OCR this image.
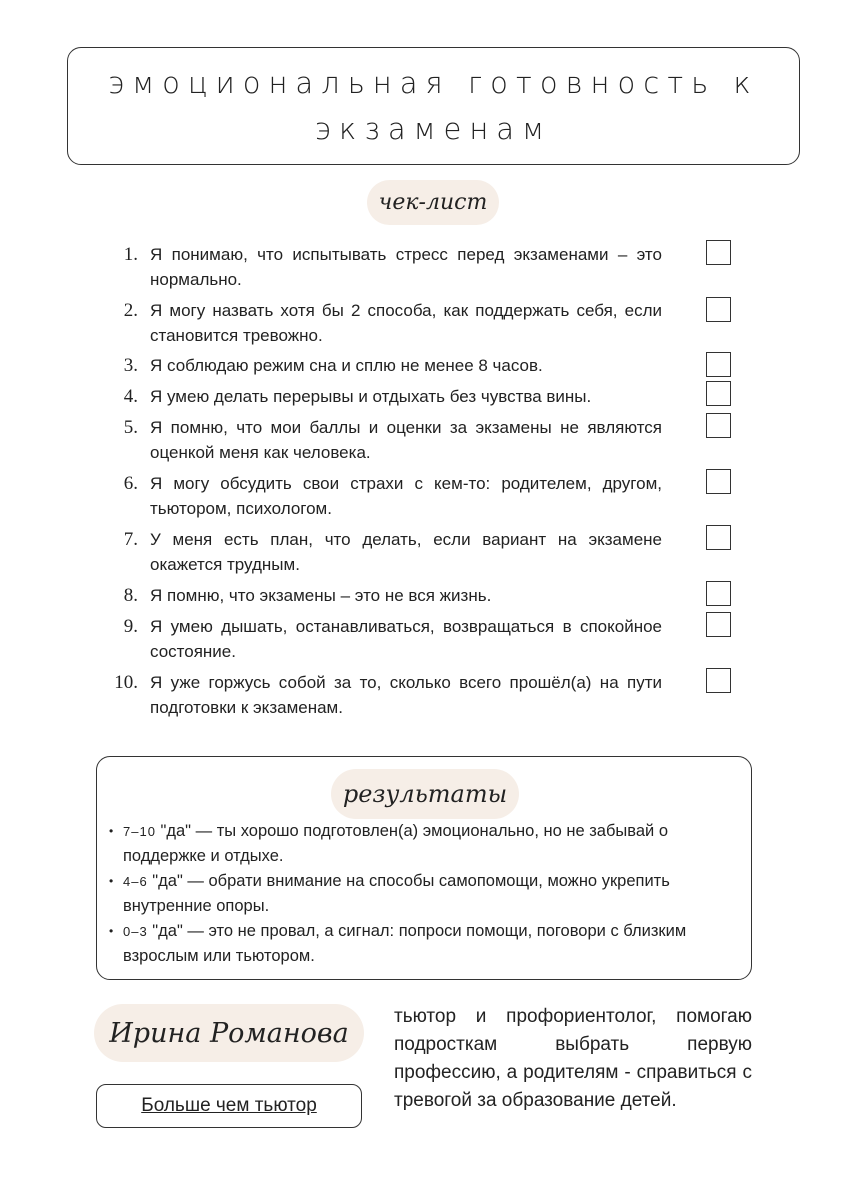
эмоциональная готовность к экзаменам
чек-лист
1. Я понимаю, что испытывать стресс перед экзаменами – это нормально.
2. Я могу назвать хотя бы 2 способа, как поддержать себя, если становится тревожно.
3. Я соблюдаю режим сна и сплю не менее 8 часов.
4. Я умею делать перерывы и отдыхать без чувства вины.
5. Я помню, что мои баллы и оценки за экзамены не являются оценкой меня как человека.
6. Я могу обсудить свои страхи с кем-то: родителем, другом, тьютором, психологом.
7. У меня есть план, что делать, если вариант на экзамене окажется трудным.
8. Я помню, что экзамены – это не вся жизнь.
9. Я умею дышать, останавливаться, возвращаться в спокойное состояние.
10. Я уже горжусь собой за то, сколько всего прошёл(а) на пути подготовки к экзаменам.
результаты
• 7–10 "да" — ты хорошо подготовлен(а) эмоционально, но не забывай о поддержке и отдыхе.
• 4–6 "да" — обрати внимание на способы самопомощи, можно укрепить внутренние опоры.
• 0–3 "да" — это не провал, а сигнал: попроси помощи, поговори с близким взрослым или тьютором.
Ирина Романова
Больше чем тьютор
тьютор и профориентолог, помогаю подросткам выбрать первую профессию, а родителям - справиться с тревогой за образование детей.
